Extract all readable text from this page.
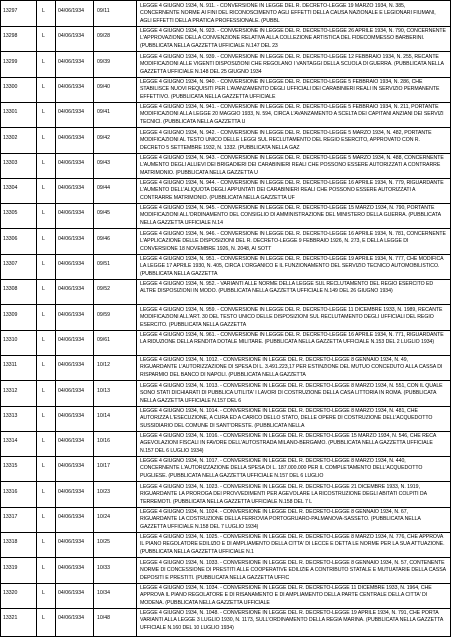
13297	L	04/06/1934	09/11
LEGGE 4 GIUGNO 1934, N. 911. - CONVERSIONE IN LEGGE DEL R. DECRETO-LEGGE 19 MARZO 1934, N. 385, CONCERNENTE NORME AI FINI DEL RICONOSCIMENTO AGLI EFFETTI DELLA CAUSA NAZIONALE E LEGIONARI FIUMANI, AGLI EFFETTI DELLA PRATICA PROFESSIONALE. (PUBBL
13298	L	04/06/1934	09/28
LEGGE 4 GIUGNO 1934, N. 923. - CONVERSIONE IN LEGGE DEL R. DECRETO-LEGGE 26 APRILE 1934, N. 790, CONCERNENTE L'APPROVAZIONE DELLA CONVENZIONE RELATIVA ALLA COLLEZIONE ARTISTICA DEL FIDECOMMESSO BARBERINI. (PUBBLICATA NELLA GAZZETTA UFFICIALE N.147 DEL 23
13299	L	04/06/1934	09/39
LEGGE 4 GIUGNO 1934, N. 939. - CONVERSIONE IN LEGGE DEL R. DECRETO-LEGGE 12 FEBBRAIO 1934, N. 255, RECANTE MODIFICAZIONI ALLE VIGENTI DISPOSIZIONI CHE REGOLANO I VANTAGGI DELLA SCUOLA DI GUERRA. (PUBBLICATA NELLA GAZZETTA UFFICIALE N.148 DEL 25 GIUGNO 1934
13300	L	04/06/1934	09/40
LEGGE 4 GIUGNO 1934, N. 940. - CONVERSIONE IN LEGGE DEL R. DECRETO-LEGGE 5 FEBBRAIO 1934, N. 286, CHE STABILISCE NUOVI REQUISITI PER L'AVANZAMENTO DEGLI UFFICIALI DEI CARABINIERI REALI IN SERVIZIO PERMANENTE EFFETTIVO. (PUBBLICATA NELLA GAZZETTA UFFICIALE
13301	L	04/06/1934	09/41
LEGGE 4 GIUGNO 1934, N. 941. - CONVERSIONE IN LEGGE DEL R. DECRETO-LEGGE 5 FEBBRAIO 1934, N. 211, PORTANTE MODIFICAZIONI ALLA LEGGE 20 MAGGIO 1933, N. 594, CIRCA L'AVANZAMENTO A SCELTA DEI CAPITANI ANZIANI DEI SERVIZI TECNICI. (PUBBLICATA NELLA GAZZETTA U
13302	L	04/06/1934	09/42
LEGGE 4 GIUGNO 1934, N. 942. - CONVERSIONE IN LEGGE DEL R. DECRETO-LEGGE 5 MARZO 1934, N. 482, PORTANTE MODIFICAZIONI AL TESTO UNICO DELLE LEGGI SUL RECLUTAMENTO DEL REGIO ESERCITO, APPROVATO CON R. DECRETO 5 SETTEMBRE 1932, N. 1332. (PUBBLICATA NELLA GAZ
13303	L	04/06/1934	09/43
LEGGE 4 GIUGNO 1934, N. 943. - CONVERSIONE IN LEGGE DEL R. DECRETO-LEGGE 5 MARZO 1934, N. 488, CONCERNENTE L'AUMENTO DEGLI ALLIEVI DEI BRIGADIERI DEI CARABINIERI REALI CHE POSSONO ESSERE AUTORIZZATI A CONTRARRE MATRIMONIO. (PUBBLICATA NELLA GAZZETTA U
13304	L	04/06/1934	09/44
LEGGE 4 GIUGNO 1934, N. 944. - CONVERSIONE IN LEGGE DEL R. DECRETO-LEGGE 16 APRILE 1934, N. 779, RIGUARDANTE L'AUMENTO DELL'ALIQUOTA DEGLI APPUNTATI DEI CARABINIERI REALI CHE POSSONO ESSERE AUTORIZZATI A CONTRARRE MATRIMONIO. (PUBBLICATA NELLA GAZZETTA UF
13305	L	04/06/1934	09/45
LEGGE 4 GIUGNO 1934, N. 945. - CONVERSIONE IN LEGGE DEL R. DECRETO-LEGGE 15 MARZO 1934, N. 790, PORTANTE MODIFICAZIONI ALL'ORDINAMENTO DEL CONSIGLIO DI AMMINISTRAZIONE DEL MINISTERO DELLA GUERRA. (PUBBLICATA NELLA GAZZETTA UFFICIALE N.14
13306	L	04/06/1934	09/46
LEGGE 4 GIUGNO 1934, N. 946. - CONVERSIONE IN LEGGE DEL R. DECRETO-LEGGE 16 APRILE 1934, N. 781, CONCERNENTE L'APPLICAZIONE DELLE DISPOSIZIONI DEL R. DECRETO-LEGGE 9 FEBBRAIO 1926, N. 273, E DELLA LEGGE DI CONVERSIONE 18 NOVEMBRE 1926, N. 2048, AI SOTT
13307	L	04/06/1934	09/51
LEGGE 4 GIUGNO 1934, N. 951. - CONVERSIONE IN LEGGE DEL R. DECRETO-LEGGE 19 APRILE 1934, N. 777, CHE MODIFICA LA LEGGE 17 APRILE 1930, N. 405, CIRCA L'ORGANICO E IL FUNZIONAMENTO DEL SERVIZIO TECNICO AUTOMOBILISTICO. (PUBBLICATA NELLA GAZZETTA
13308	L	04/06/1934	09/52
LEGGE 4 GIUGNO 1934, N. 952. - VARIANTI ALLE NORME DELLA LEGGE SUL RECLUTAMENTO DEL REGIO ESERCITO ED ALTRE DISPOSIZIONI IN MODO. (PUBBLICATA NELLA GAZZETTA UFFICIALE N.149 DEL 26 GIUGNO 1934)
13309	L	04/06/1934	09/59
LEGGE 4 GIUGNO 1934, N. 959. - CONVERSIONE IN LEGGE DEL R. DECRETO-LEGGE 11 DICEMBRE 1933, N. 1989, RECANTE MODIFICAZIONI ALL'ART. 30 DEL TESTO UNICO DELLE DISPOSIZIONI SUL RECLUTAMENTO DEGLI UFFICIALI DEL REGIO ESERCITO. (PUBBLICATA NELLA GAZZETTA
13310	L	04/06/1934	09/61
LEGGE 4 GIUGNO 1934, N. 961. - CONVERSIONE IN LEGGE DEL R. DECRETO-LEGGE 16 APRILE 1934, N. 771, RIGUARDANTE LA RIDUZIONE DELLA RENDITA DOTALE MILITARE. (PUBBLICATA NELLA GAZZETTA UFFICIALE N.153 DEL 2 LUGLIO 1934)
13311	L	04/06/1934	10/12
LEGGE 4 GIUGNO 1934, N. 1012. - CONVERSIONE IN LEGGE DEL R. DECRETO-LEGGE 8 GENNAIO 1934, N. 49, RIGUARDANTE L'AUTORIZZAZIONE DI SPESA DI L. 3.491.223,17 PER ESTINZIONE DEL MUTUO CONCEDUTO ALLA CASSA DI RISPARMIO DEL BANCO DI NAPOLI. (PUBBLICATA NELLA GAZZETTA
13312	L	04/06/1934	10/13
LEGGE 4 GIUGNO 1934, N. 1013. - CONVERSIONE IN LEGGE DEL R. DECRETO-LEGGE 8 MARZO 1934, N. 551, CON IL QUALE SONO STATI DICHIARATI DI PUBBLICA UTILITA' I LAVORI DI COSTRUZIONE DELLA CASA LITTORIA IN ROMA. (PUBBLICATA NELLA GAZZETTA UFFICIALE N.157 DEL 6
13313	L	04/06/1934	10/14
LEGGE 4 GIUGNO 1934, N. 1014. - CONVERSIONE IN LEGGE DEL R. DECRETO-LEGGE 8 MARZO 1934, N. 481, CHE AUTORIZZA L'ESECUZIONE, A CURA ED A CARICO DELLO STATO, DELLE OPERE DI COSTRUZIONE DELL'ACQUEDOTTO SUSSIDIARIO DEL COMUNE DI SANT'ORESTE. (PUBBLICATA NELLA
13314	L	04/06/1934	10/16
LEGGE 4 GIUGNO 1934, N. 1016. - CONVERSIONE IN LEGGE DEL R. DECRETO-LEGGE 15 MARZO 1934, N. 546, CHE RECA AGEVOLAZIONI FISCALI IN FAVORE DELL'AUTOSTRADA MILANO-BERGAMO. (PUBBLICATA NELLA GAZZETTA UFFICIALE N.157 DEL 6 LUGLIO 1934)
13315	L	04/06/1934	10/17
LEGGE 4 GIUGNO 1934, N. 1017. - CONVERSIONE IN LEGGE DEL R. DECRETO-LEGGE 8 MARZO 1934, N. 440, CONCERNENTE L'AUTORIZZAZIONE DELLA SPESA DI L. 187.000.000 PER IL COMPLETAMENTO DELL'ACQUEDOTTO PUGLIESE. (PUBBLICATA NELLA GAZZETTA UFFICIALE N.157 DEL 6 LUGLIO
13316	L	04/06/1934	10/23
LEGGE 4 GIUGNO 1934, N. 1023. - CONVERSIONE IN LEGGE DEL R. DECRETO-LEGGE 21 DICEMBRE 1933, N. 1919, RIGUARDANTE LA PROROGA DEI PROVVEDIMENTI PER AGEVOLARE LA RICOSTRUZIONE DEGLI ABITATI COLPITI DA TERREMOTI. (PUBBLICATA NELLA GAZZETTA UFFICIALE N.158 DEL 7 L
13317	L	04/06/1934	10/24
LEGGE 4 GIUGNO 1934, N. 1024. - CONVERSIONE IN LEGGE DEL R. DECRETO-LEGGE 8 GENNAIO 1934, N. 67, RIGUARDANTE LA COSTRUZIONE DELLA FERROVIA PORTOGRUARO-PALMANOVA-SASSETO. (PUBBLICATA NELLA GAZZETTA UFFICIALE N.158 DEL 7 LUGLIO 1934)
13318	L	04/06/1934	10/25
LEGGE 4 GIUGNO 1934, N. 1025. - CONVERSIONE IN LEGGE DEL R. DECRETO-LEGGE 8 MARZO 1934, N. 776, CHE APPROVA IL PIANO REGOLATORE EDILIZIO E DI AMPLIAMENTO DELLA CITTA' DI LECCE E DETTA LE NORME PER LA SUA ATTUAZIONE. (PUBBLICATA NELLA GAZZETTA UFFICIALE N.1
13319	L	04/06/1934	10/33
LEGGE 4 GIUGNO 1934, N. 1033. - CONVERSIONE IN LEGGE DEL R. DECRETO-LEGGE 8 GENNAIO 1934, N. 57, CONTENENTE NORME DI CONCESSIONE DI PRESTITI ALLE COOPERATIVE EDILIZIE A CONTRIBUTO STATALE E MUTUATARIE DELLA CASSA DEPOSITI E PRESTITI. (PUBBLICATA NELLA GAZZETTA UFFIC
13320	L	04/06/1934	10/34
LEGGE 4 GIUGNO 1934, N. 1034. - CONVERSIONE IN LEGGE DEL R. DECRETO-LEGGE 11 DICEMBRE 1933, N. 1964, CHE APPROVA IL PIANO REGOLATORE E DI RISANAMENTO E DI AMPLIAMENTO DELLA PARTE CENTRALE DELLA CITTA' DI MODENA. (PUBBLICATA NELLA GAZZETTA UFFICIALE
13321	L	04/06/1934	10/48
LEGGE 4 GIUGNO 1934, N. 1048. - CONVERSIONE IN LEGGE DEL R. DECRETO-LEGGE 19 APRILE 1934, N. 791, CHE PORTA VARIANTI ALLA LEGGE 3 LUGLIO 1930, N. 1173, SULL'ORDINAMENTO DELLA REGIA MARINA. (PUBBLICATA NELLA GAZZETTA UFFICIALE N.160 DEL 10 LUGLIO 1934)
